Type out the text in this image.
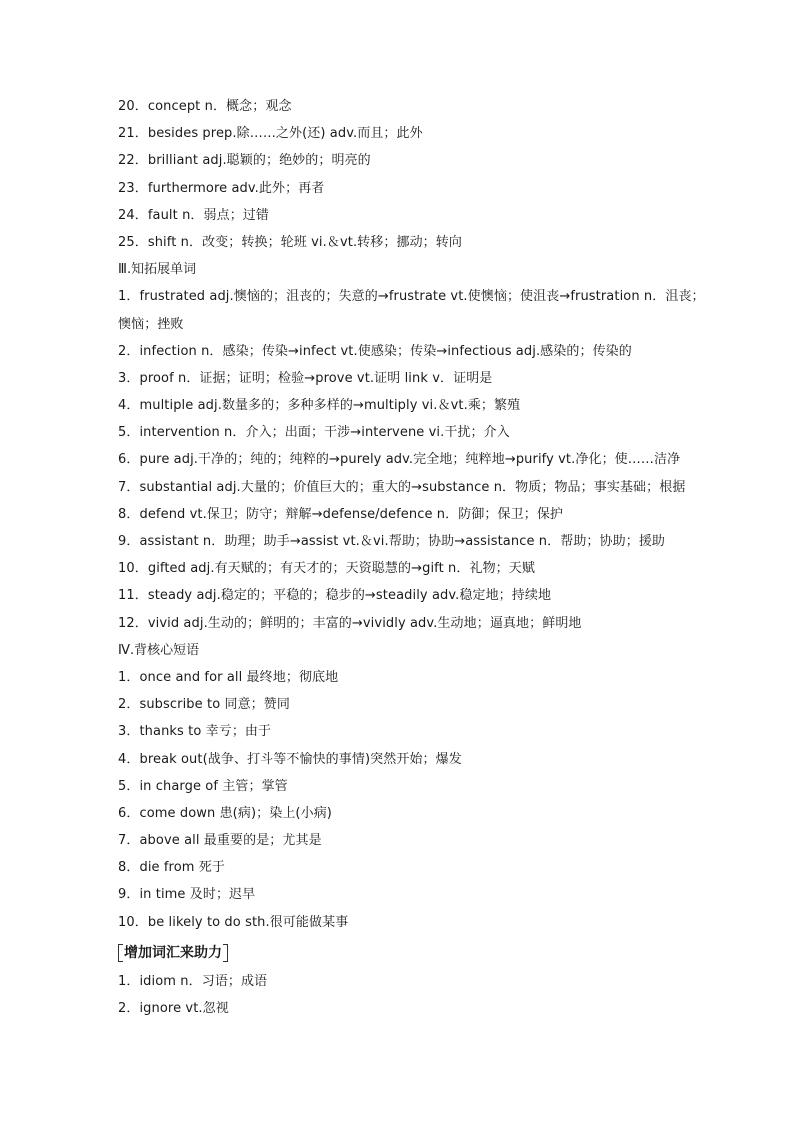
20．concept n．概念；观念
21．besides prep.除……之外(还) adv.而且；此外
22．brilliant adj.聪颖的；绝妙的；明亮的
23．furthermore adv.此外；再者
24．fault n．弱点；过错
25．shift n．改变；转换；轮班 vi.＆vt.转移；挪动；转向
Ⅲ.知拓展单词
1．frustrated adj.懊恼的；沮丧的；失意的→frustrate vt.使懊恼；使沮丧→frustration n．沮丧；
懊恼；挫败
2．infection n．感染；传染→infect vt.使感染；传染→infectious adj.感染的；传染的
3．proof n．证据；证明；检验→prove vt.证明 link v．证明是
4．multiple adj.数量多的；多种多样的→multiply vi.＆vt.乘；繁殖
5．intervention n．介入；出面；干涉→intervene vi.干扰；介入
6．pure adj.干净的；纯的；纯粹的→purely adv.完全地；纯粹地→purify vt.净化；使……洁净
7．substantial adj.大量的；价值巨大的；重大的→substance n．物质；物品；事实基础；根据
8．defend vt.保卫；防守；辩解→defense/defence n．防御；保卫；保护
9．assistant n．助理；助手→assist vt.＆vi.帮助；协助→assistance n．帮助；协助；援助
10．gifted adj.有天赋的；有天才的；天资聪慧的→gift n．礼物；天赋
11．steady adj.稳定的；平稳的；稳步的→steadily adv.稳定地；持续地
12．vivid adj.生动的；鲜明的；丰富的→vividly adv.生动地；逼真地；鲜明地
Ⅳ.背核心短语
1．once and for all 最终地；彻底地
2．subscribe to 同意；赞同
3．thanks to 幸亏；由于
4．break out(战争、打斗等不愉快的事情)突然开始；爆发
5．in charge of 主管；掌管
6．come down 患(病)；染上(小病)
7．above all 最重要的是；尤其是
8．die from 死于
9．in time 及时；迟早
10．be likely to do sth.很可能做某事
增加词汇来助力
1．idiom n．习语；成语
2．ignore vt.忽视
